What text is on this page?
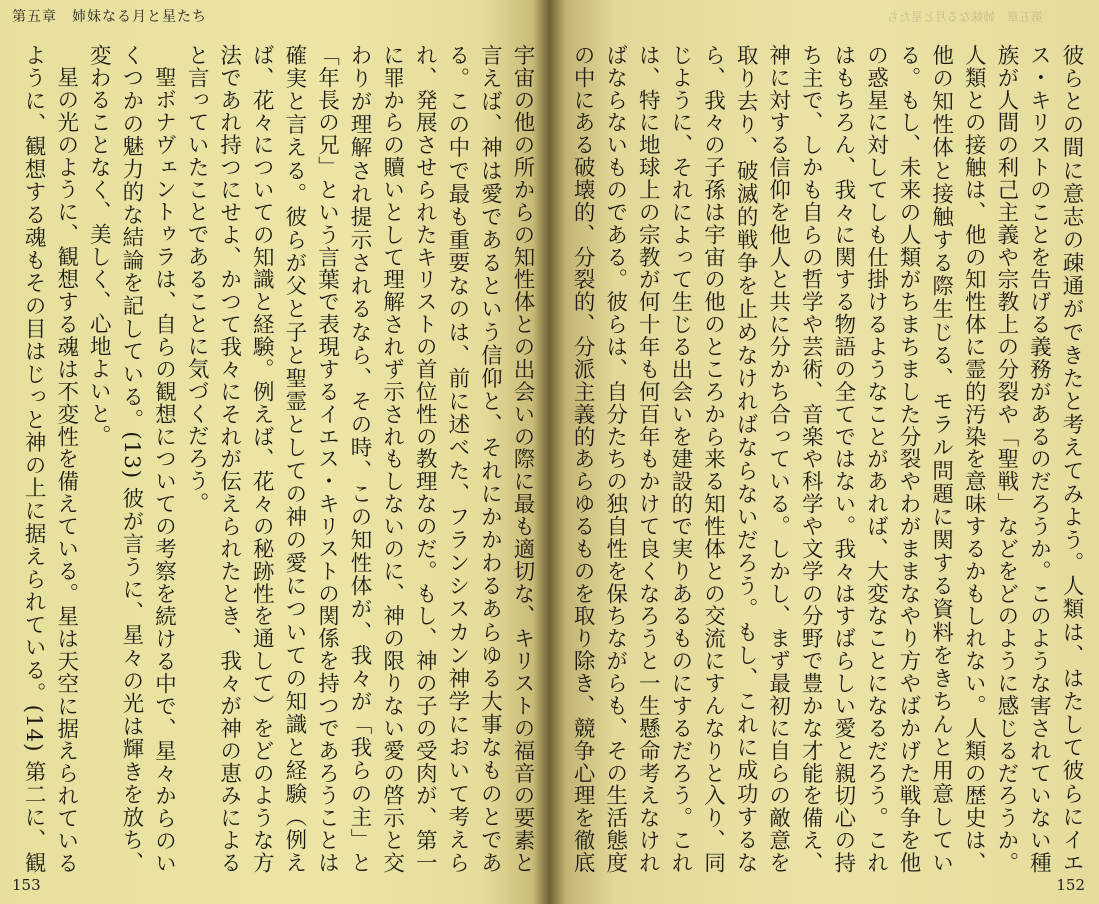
第五章　姉妹なる月と星たち

宇宙の他の所からの知性体との出会いの際に最も適切な、キリストの福音の要素と言えば、神は愛であるという信仰と、それにかかわるあらゆる大事なものとである。この中で最も重要なのは、前に述べた、フランシスカン神学において考えられ、発展させられたキリストの首位性の教理なのだ。もし、神の子の受肉が、第一に罪からの贖いとして理解されず示されもしないのに、神の限りない愛の啓示と交わりが理解され提示されるなら、その時、この知性体が、我々が「我らの主」と「年長の兄」という言葉で表現するイエス・キリストの関係を持つであろうことは確実と言える。彼らが父と子と聖霊としての神の愛についての知識と経験（例えば、花々についての知識と経験。例えば、花々の秘跡性を通して）をどのような方法であれ持つにせよ、かつて我々にそれが伝えられたとき、我々が神の恵みによると言っていたことであることに気づくだろう。

聖ボナヴェントゥラは、自らの観想についての考察を続ける中で、星々からのいくつかの魅力的な結論を記している。(13) 彼が言うに、星々の光は輝きを放ち、変わることなく、美しく、心地よいと。

星の光のように、観想する魂は不変性を備えている。星は天空に据えられているように、観想する魂もその目はじっと神の上に据えられている。(14) 第二に、観

153
第五章　姉妹なる月と星たち

彼らとの間に意志の疎通ができたと考えてみよう。人類は、はたして彼らにイエス・キリストのことを告げる義務があるのだろうか。このような害されていない種族が人間の利己主義や宗教上の分裂や「聖戦」などをどのように感じるだろうか。人類との接触は、他の知性体に霊的汚染を意味するかもしれない。人類の歴史は、他の知性体と接触する際生じる、モラル問題に関する資料をきちんと用意している。もし、未来の人類がちまちました分裂やわがままなやり方やばかげた戦争を他の惑星に対してしも仕掛けるようなことがあれば、大変なことになるだろう。これはもちろん、我々に関する物語の全てではない。我々はすばらしい愛と親切心の持ち主で、しかも自らの哲学や芸術、音楽や科学や文学の分野で豊かな才能を備え、神に対する信仰を他人と共に分かち合っている。しかし、まず最初に自らの敵意を取り去り、破滅的戦争を止めなければならないだろう。もし、これに成功するなら、我々の子孫は宇宙の他のところから来る知性体との交流にすんなりと入り、同じように、それによって生じる出会いを建設的で実りあるものにするだろう。これは、特に地球上の宗教が何十年も何百年もかけて良くなろうと一生懸命考えなければならないものである。彼らは、自分たちの独自性を保ちながらも、その生活態度の中にある破壊的、分裂的、分派主義的あらゆるものを取り除き、競争心理を徹底

152
